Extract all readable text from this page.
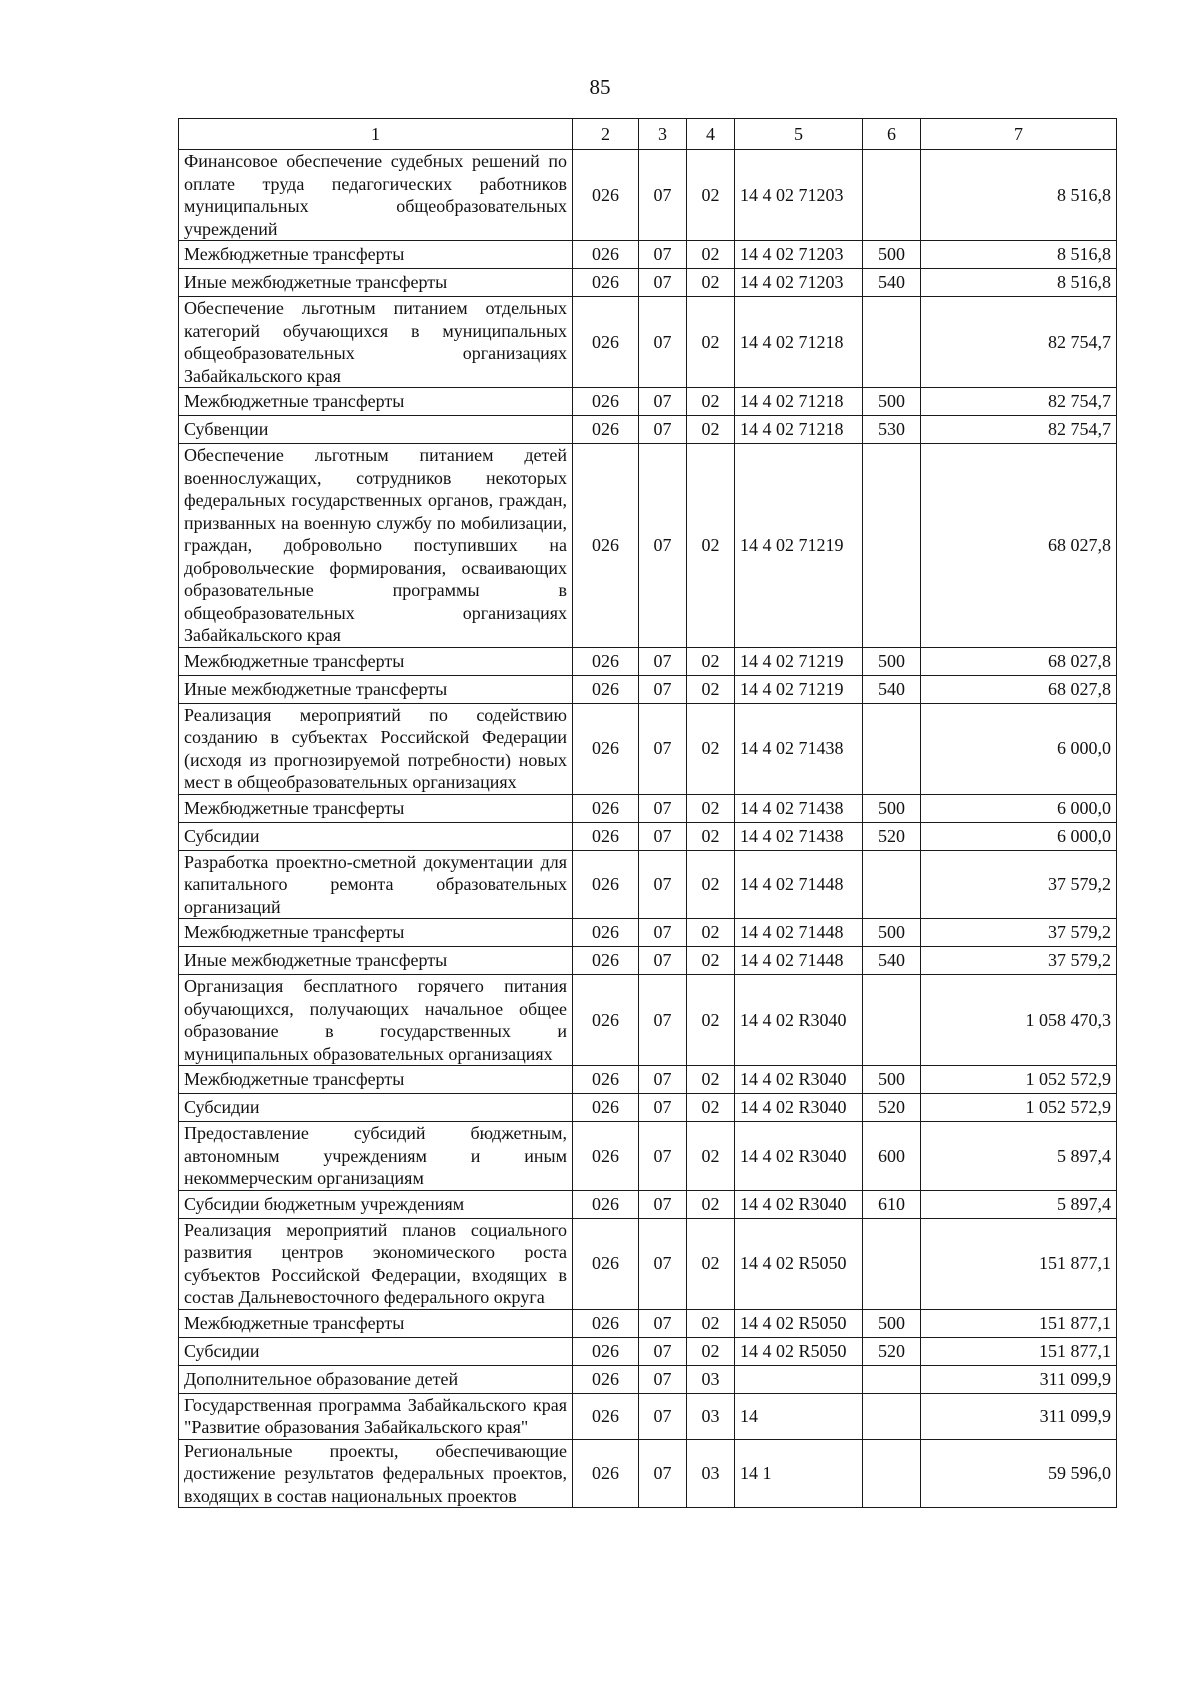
85
1	2	3	4	5	6	7
Финансовое обеспечение судебных решений по оплате труда педагогических работников муниципальных общеобразовательных учреждений	026	07	02	14 4 02 71203		8 516,8
Межбюджетные трансферты	026	07	02	14 4 02 71203	500	8 516,8
Иные межбюджетные трансферты	026	07	02	14 4 02 71203	540	8 516,8
Обеспечение льготным питанием отдельных категорий обучающихся в муниципальных общеобразовательных организациях Забайкальского края	026	07	02	14 4 02 71218		82 754,7
Межбюджетные трансферты	026	07	02	14 4 02 71218	500	82 754,7
Субвенции	026	07	02	14 4 02 71218	530	82 754,7
Обеспечение льготным питанием детей военнослужащих, сотрудников некоторых федеральных государственных органов, граждан, призванных на военную службу по мобилизации, граждан, добровольно поступивших на добровольческие формирования, осваивающих образовательные программы в общеобразовательных организациях Забайкальского края	026	07	02	14 4 02 71219		68 027,8
Межбюджетные трансферты	026	07	02	14 4 02 71219	500	68 027,8
Иные межбюджетные трансферты	026	07	02	14 4 02 71219	540	68 027,8
Реализация мероприятий по содействию созданию в субъектах Российской Федерации (исходя из прогнозируемой потребности) новых мест в общеобразовательных организациях	026	07	02	14 4 02 71438		6 000,0
Межбюджетные трансферты	026	07	02	14 4 02 71438	500	6 000,0
Субсидии	026	07	02	14 4 02 71438	520	6 000,0
Разработка проектно-сметной документации для капитального ремонта образовательных организаций	026	07	02	14 4 02 71448		37 579,2
Межбюджетные трансферты	026	07	02	14 4 02 71448	500	37 579,2
Иные межбюджетные трансферты	026	07	02	14 4 02 71448	540	37 579,2
Организация бесплатного горячего питания обучающихся, получающих начальное общее образование в государственных и муниципальных образовательных организациях	026	07	02	14 4 02 R3040		1 058 470,3
Межбюджетные трансферты	026	07	02	14 4 02 R3040	500	1 052 572,9
Субсидии	026	07	02	14 4 02 R3040	520	1 052 572,9
Предоставление субсидий бюджетным, автономным учреждениям и иным некоммерческим организациям	026	07	02	14 4 02 R3040	600	5 897,4
Субсидии бюджетным учреждениям	026	07	02	14 4 02 R3040	610	5 897,4
Реализация мероприятий планов социального развития центров экономического роста субъектов Российской Федерации, входящих в состав Дальневосточного федерального округа	026	07	02	14 4 02 R5050		151 877,1
Межбюджетные трансферты	026	07	02	14 4 02 R5050	500	151 877,1
Субсидии	026	07	02	14 4 02 R5050	520	151 877,1
Дополнительное образование детей	026	07	03			311 099,9
Государственная программа Забайкальского края "Развитие образования Забайкальского края"	026	07	03	14		311 099,9
Региональные проекты, обеспечивающие достижение результатов федеральных проектов, входящих в состав национальных проектов	026	07	03	14 1		59 596,0
